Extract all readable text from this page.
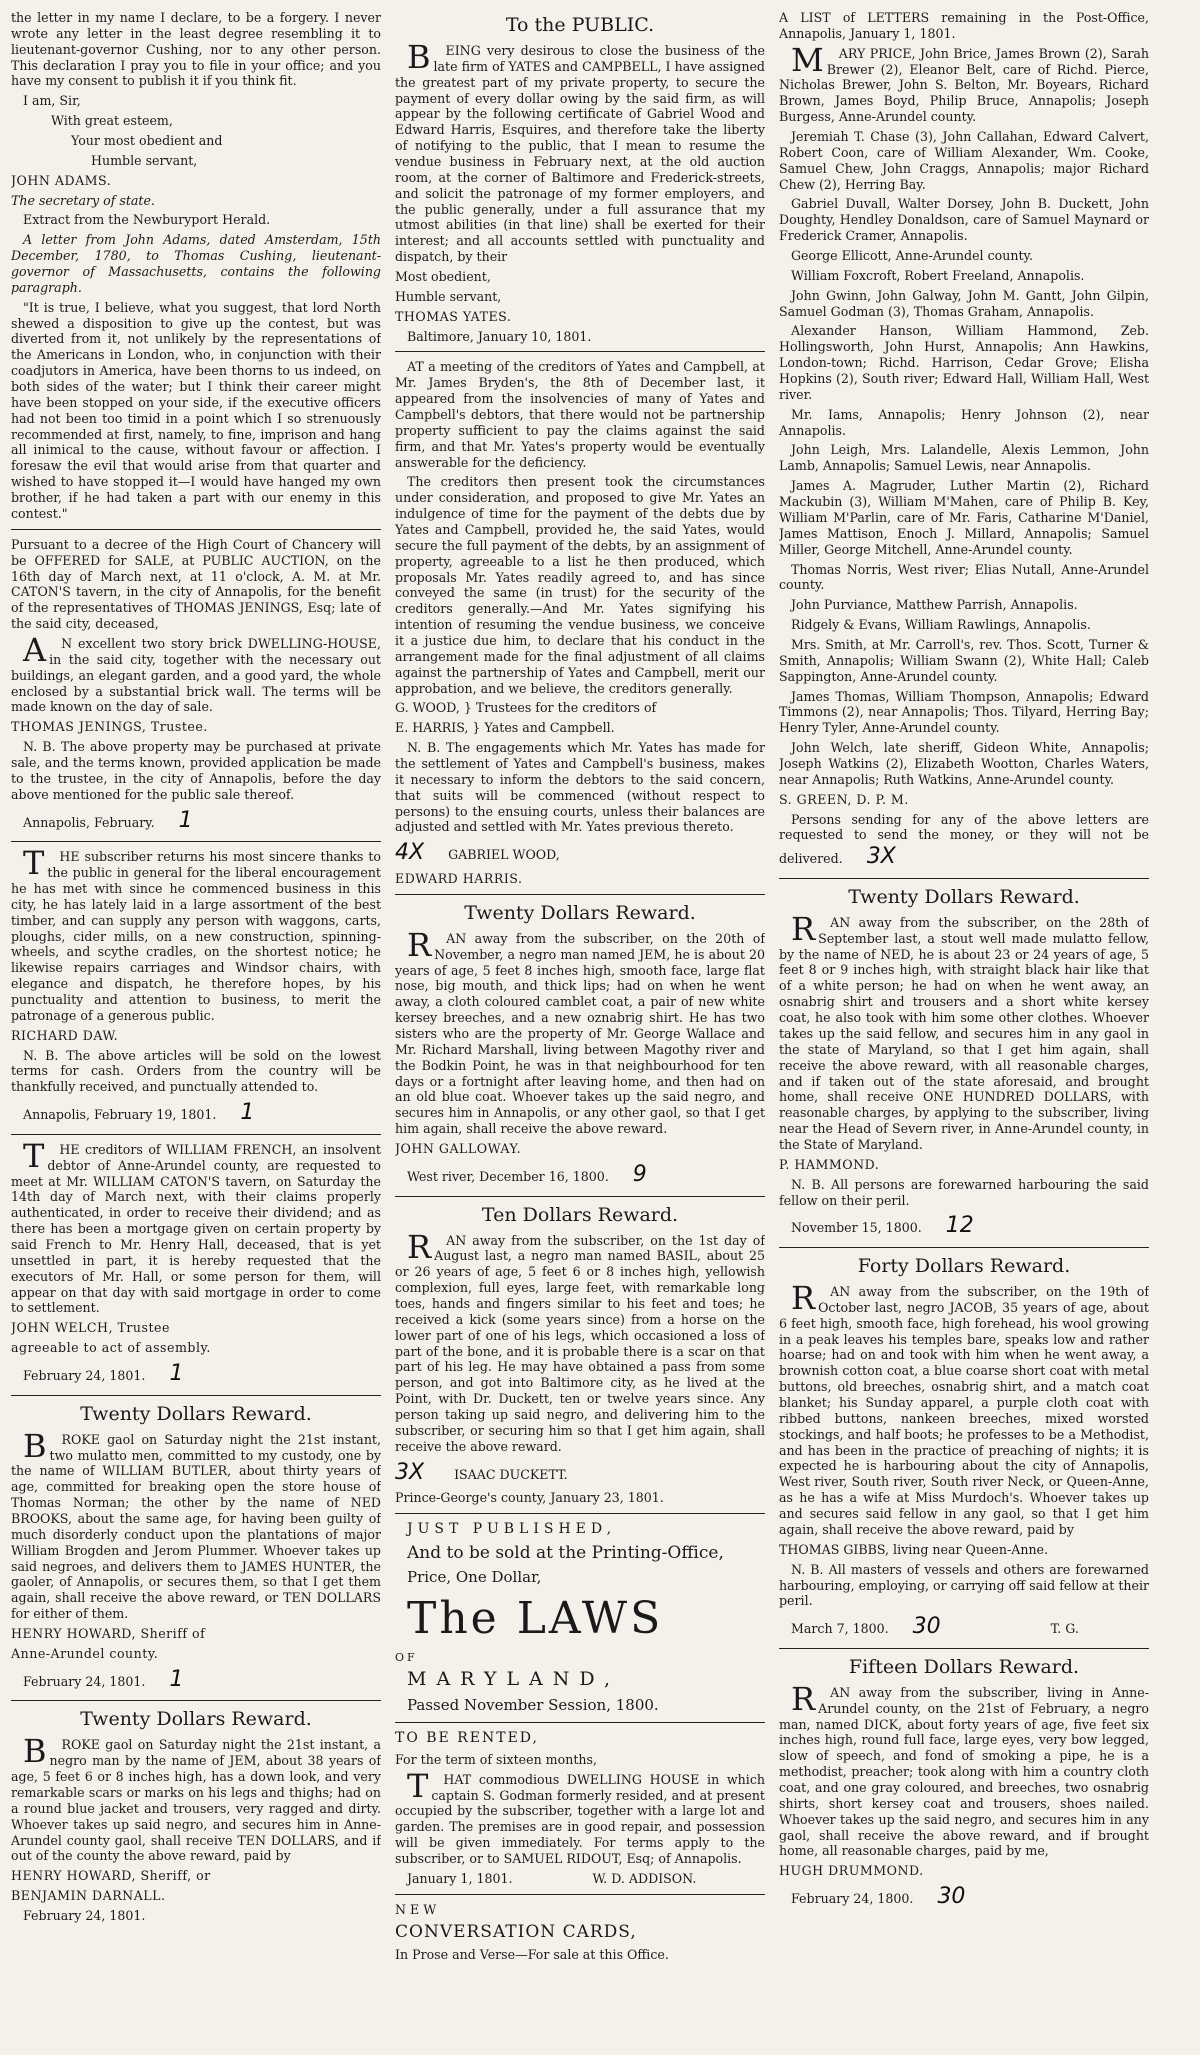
the letter in my name I declare, to be a forgery. I never wrote any letter in the least degree resembling it to lieutenant-governor Cushing, nor to any other person. This declaration I pray you to file in your office; and you have my consent to publish it if you think fit.

I am, Sir,

With great esteem,

Your most obedient and

Humble servant,

JOHN ADAMS.

The secretary of state.

Extract from the Newburyport Herald.

A letter from John Adams, dated Amsterdam, 15th December, 1780, to Thomas Cushing, lieutenant-governor of Massachusetts, contains the following paragraph.

"It is true, I believe, what you suggest, that lord North shewed a disposition to give up the contest, but was diverted from it, not unlikely by the representations of the Americans in London, who, in conjunction with their coadjutors in America, have been thorns to us indeed, on both sides of the water; but I think their career might have been stopped on your side, if the executive officers had not been too timid in a point which I so strenuously recommended at first, namely, to fine, imprison and hang all inimical to the cause, without favour or affection. I foresaw the evil that would arise from that quarter and wished to have stopped it—I would have hanged my own brother, if he had taken a part with our enemy in this contest."

Pursuant to a decree of the High Court of Chancery will be OFFERED for SALE, at PUBLIC AUCTION, on the 16th day of March next, at 11 o'clock, A. M. at Mr. CATON'S tavern, in the city of Annapolis, for the benefit of the representatives of THOMAS JENINGS, Esq; late of the said city, deceased,

AN excellent two story brick DWELLING-HOUSE, in the said city, together with the necessary out buildings, an elegant garden, and a good yard, the whole enclosed by a substantial brick wall. The terms will be made known on the day of sale.

THOMAS JENINGS, Trustee.

N. B. The above property may be purchased at private sale, and the terms known, provided application be made to the trustee, in the city of Annapolis, before the day above mentioned for the public sale thereof.

Annapolis, February. 1

THE subscriber returns his most sincere thanks to the public in general for the liberal encouragement he has met with since he commenced business in this city, he has lately laid in a large assortment of the best timber, and can supply any person with waggons, carts, ploughs, cider mills, on a new construction, spinning-wheels, and scythe cradles, on the shortest notice; he likewise repairs carriages and Windsor chairs, with elegance and dispatch, he therefore hopes, by his punctuality and attention to business, to merit the patronage of a generous public.

RICHARD DAW.

N. B. The above articles will be sold on the lowest terms for cash. Orders from the country will be thankfully received, and punctually attended to.

Annapolis, February 19, 1801. 1

THE creditors of WILLIAM FRENCH, an insolvent debtor of Anne-Arundel county, are requested to meet at Mr. WILLIAM CATON'S tavern, on Saturday the 14th day of March next, with their claims properly authenticated, in order to receive their dividend; and as there has been a mortgage given on certain property by said French to Mr. Henry Hall, deceased, that is yet unsettled in part, it is hereby requested that the executors of Mr. Hall, or some person for them, will appear on that day with said mortgage in order to come to settlement.

JOHN WELCH, Trustee

agreeable to act of assembly.

February 24, 1801. 1

Twenty Dollars Reward.

BROKE gaol on Saturday night the 21st instant, two mulatto men, committed to my custody, one by the name of WILLIAM BUTLER, about thirty years of age, committed for breaking open the store house of Thomas Norman; the other by the name of NED BROOKS, about the same age, for having been guilty of much disorderly conduct upon the plantations of major William Brogden and Jerom Plummer. Whoever takes up said negroes, and delivers them to JAMES HUNTER, the gaoler, of Annapolis, or secures them, so that I get them again, shall receive the above reward, or TEN DOLLARS for either of them.

HENRY HOWARD, Sheriff of

Anne-Arundel county.

February 24, 1801. 1

Twenty Dollars Reward.

BROKE gaol on Saturday night the 21st instant, a negro man by the name of JEM, about 38 years of age, 5 feet 6 or 8 inches high, has a down look, and very remarkable scars or marks on his legs and thighs; had on a round blue jacket and trousers, very ragged and dirty. Whoever takes up said negro, and secures him in Anne-Arundel county gaol, shall receive TEN DOLLARS, and if out of the county the above reward, paid by

HENRY HOWARD, Sheriff, or

BENJAMIN DARNALL.

February 24, 1801.

To the PUBLIC.

BEING very desirous to close the business of the late firm of YATES and CAMPBELL, I have assigned the greatest part of my private property, to secure the payment of every dollar owing by the said firm, as will appear by the following certificate of Gabriel Wood and Edward Harris, Esquires, and therefore take the liberty of notifying to the public, that I mean to resume the vendue business in February next, at the old auction room, at the corner of Baltimore and Frederick-streets, and solicit the patronage of my former employers, and the public generally, under a full assurance that my utmost abilities (in that line) shall be exerted for their interest; and all accounts settled with punctuality and dispatch, by their

Most obedient,

Humble servant,

THOMAS YATES.

Baltimore, January 10, 1801.

AT a meeting of the creditors of Yates and Campbell, at Mr. James Bryden's, the 8th of December last, it appeared from the insolvencies of many of Yates and Campbell's debtors, that there would not be partnership property sufficient to pay the claims against the said firm, and that Mr. Yates's property would be eventually answerable for the deficiency.

The creditors then present took the circumstances under consideration, and proposed to give Mr. Yates an indulgence of time for the payment of the debts due by Yates and Campbell, provided he, the said Yates, would secure the full payment of the debts, by an assignment of property, agreeable to a list he then produced, which proposals Mr. Yates readily agreed to, and has since conveyed the same (in trust) for the security of the creditors generally.—And Mr. Yates signifying his intention of resuming the vendue business, we conceive it a justice due him, to declare that his conduct in the arrangement made for the final adjustment of all claims against the partnership of Yates and Campbell, merit our approbation, and we believe, the creditors generally.

G. WOOD, } Trustees for the creditors of

E. HARRIS, } Yates and Campbell.

N. B. The engagements which Mr. Yates has made for the settlement of Yates and Campbell's business, makes it necessary to inform the debtors to the said concern, that suits will be commenced (without respect to persons) to the ensuing courts, unless their balances are adjusted and settled with Mr. Yates previous thereto.

4X GABRIEL WOOD,

EDWARD HARRIS.

Twenty Dollars Reward.

RAN away from the subscriber, on the 20th of November, a negro man named JEM, he is about 20 years of age, 5 feet 8 inches high, smooth face, large flat nose, big mouth, and thick lips; had on when he went away, a cloth coloured camblet coat, a pair of new white kersey breeches, and a new oznabrig shirt. He has two sisters who are the property of Mr. George Wallace and Mr. Richard Marshall, living between Magothy river and the Bodkin Point, he was in that neighbourhood for ten days or a fortnight after leaving home, and then had on an old blue coat. Whoever takes up the said negro, and secures him in Annapolis, or any other gaol, so that I get him again, shall receive the above reward.

JOHN GALLOWAY.

West river, December 16, 1800. 9

Ten Dollars Reward.

RAN away from the subscriber, on the 1st day of August last, a negro man named BASIL, about 25 or 26 years of age, 5 feet 6 or 8 inches high, yellowish complexion, full eyes, large feet, with remarkable long toes, hands and fingers similar to his feet and toes; he received a kick (some years since) from a horse on the lower part of one of his legs, which occasioned a loss of part of the bone, and it is probable there is a scar on that part of his leg. He may have obtained a pass from some person, and got into Baltimore city, as he lived at the Point, with Dr. Duckett, ten or twelve years since. Any person taking up said negro, and delivering him to the subscriber, or securing him so that I get him again, shall receive the above reward.

3X ISAAC DUCKETT.

Prince-George's county, January 23, 1801.

JUST PUBLISHED,

And to be sold at the Printing-Office,

Price, One Dollar,

The LAWS

OF

MARYLAND,

Passed November Session, 1800.

TO BE RENTED,

For the term of sixteen months,

THAT commodious DWELLING HOUSE in which captain S. Godman formerly resided, and at present occupied by the subscriber, together with a large lot and garden. The premises are in good repair, and possession will be given immediately. For terms apply to the subscriber, or to SAMUEL RIDOUT, Esq; of Annapolis.

January 1, 1801.	W. D. ADDISON.

NEW

CONVERSATION CARDS,

In Prose and Verse—For sale at this Office.

A LIST of LETTERS remaining in the Post-Office, Annapolis, January 1, 1801.

MARY PRICE, John Brice, James Brown (2), Sarah Brewer (2), Eleanor Belt, care of Richd. Pierce, Nicholas Brewer, John S. Belton, Mr. Boyears, Richard Brown, James Boyd, Philip Bruce, Annapolis; Joseph Burgess, Anne-Arundel county.

Jeremiah T. Chase (3), John Callahan, Edward Calvert, Robert Coon, care of William Alexander, Wm. Cooke, Samuel Chew, John Craggs, Annapolis; major Richard Chew (2), Herring Bay.

Gabriel Duvall, Walter Dorsey, John B. Duckett, John Doughty, Hendley Donaldson, care of Samuel Maynard or Frederick Cramer, Annapolis.

George Ellicott, Anne-Arundel county.

William Foxcroft, Robert Freeland, Annapolis.

John Gwinn, John Galway, John M. Gantt, John Gilpin, Samuel Godman (3), Thomas Graham, Annapolis.

Alexander Hanson, William Hammond, Zeb. Hollingsworth, John Hurst, Annapolis; Ann Hawkins, London-town; Richd. Harrison, Cedar Grove; Elisha Hopkins (2), South river; Edward Hall, William Hall, West river.

Mr. Iams, Annapolis; Henry Johnson (2), near Annapolis.

John Leigh, Mrs. Lalandelle, Alexis Lemmon, John Lamb, Annapolis; Samuel Lewis, near Annapolis.

James A. Magruder, Luther Martin (2), Richard Mackubin (3), William M'Mahen, care of Philip B. Key, William M'Parlin, care of Mr. Faris, Catharine M'Daniel, James Mattison, Enoch J. Millard, Annapolis; Samuel Miller, George Mitchell, Anne-Arundel county.

Thomas Norris, West river; Elias Nutall, Anne-Arundel county.

John Purviance, Matthew Parrish, Annapolis.

Ridgely & Evans, William Rawlings, Annapolis.

Mrs. Smith, at Mr. Carroll's, rev. Thos. Scott, Turner & Smith, Annapolis; William Swann (2), White Hall; Caleb Sappington, Anne-Arundel county.

James Thomas, William Thompson, Annapolis; Edward Timmons (2), near Annapolis; Thos. Tilyard, Herring Bay; Henry Tyler, Anne-Arundel county.

John Welch, late sheriff, Gideon White, Annapolis; Joseph Watkins (2), Elizabeth Wootton, Charles Waters, near Annapolis; Ruth Watkins, Anne-Arundel county.

S. GREEN, D. P. M.

Persons sending for any of the above letters are requested to send the money, or they will not be delivered. 3X

Twenty Dollars Reward.

RAN away from the subscriber, on the 28th of September last, a stout well made mulatto fellow, by the name of NED, he is about 23 or 24 years of age, 5 feet 8 or 9 inches high, with straight black hair like that of a white person; he had on when he went away, an osnabrig shirt and trousers and a short white kersey coat, he also took with him some other clothes. Whoever takes up the said fellow, and secures him in any gaol in the state of Maryland, so that I get him again, shall receive the above reward, with all reasonable charges, and if taken out of the state aforesaid, and brought home, shall receive ONE HUNDRED DOLLARS, with reasonable charges, by applying to the subscriber, living near the Head of Severn river, in Anne-Arundel county, in the State of Maryland.

P. HAMMOND.

N. B. All persons are forewarned harbouring the said fellow on their peril.

November 15, 1800. 12

Forty Dollars Reward.

RAN away from the subscriber, on the 19th of October last, negro JACOB, 35 years of age, about 6 feet high, smooth face, high forehead, his wool growing in a peak leaves his temples bare, speaks low and rather hoarse; had on and took with him when he went away, a brownish cotton coat, a blue coarse short coat with metal buttons, old breeches, osnabrig shirt, and a match coat blanket; his Sunday apparel, a purple cloth coat with ribbed buttons, nankeen breeches, mixed worsted stockings, and half boots; he professes to be a Methodist, and has been in the practice of preaching of nights; it is expected he is harbouring about the city of Annapolis, West river, South river, South river Neck, or Queen-Anne, as he has a wife at Miss Murdoch's. Whoever takes up and secures said fellow in any gaol, so that I get him again, shall receive the above reward, paid by

THOMAS GIBBS, living near Queen-Anne.

N. B. All masters of vessels and others are forewarned harbouring, employing, or carrying off said fellow at their peril.

March 7, 1800. 30	T. G.

Fifteen Dollars Reward.

RAN away from the subscriber, living in Anne-Arundel county, on the 21st of February, a negro man, named DICK, about forty years of age, five feet six inches high, round full face, large eyes, very bow legged, slow of speech, and fond of smoking a pipe, he is a methodist, preacher; took along with him a country cloth coat, and one gray coloured, and breeches, two osnabrig shirts, short kersey coat and trousers, shoes nailed. Whoever takes up the said negro, and secures him in any gaol, shall receive the above reward, and if brought home, all reasonable charges, paid by me,

HUGH DRUMMOND.

February 24, 1800. 30
